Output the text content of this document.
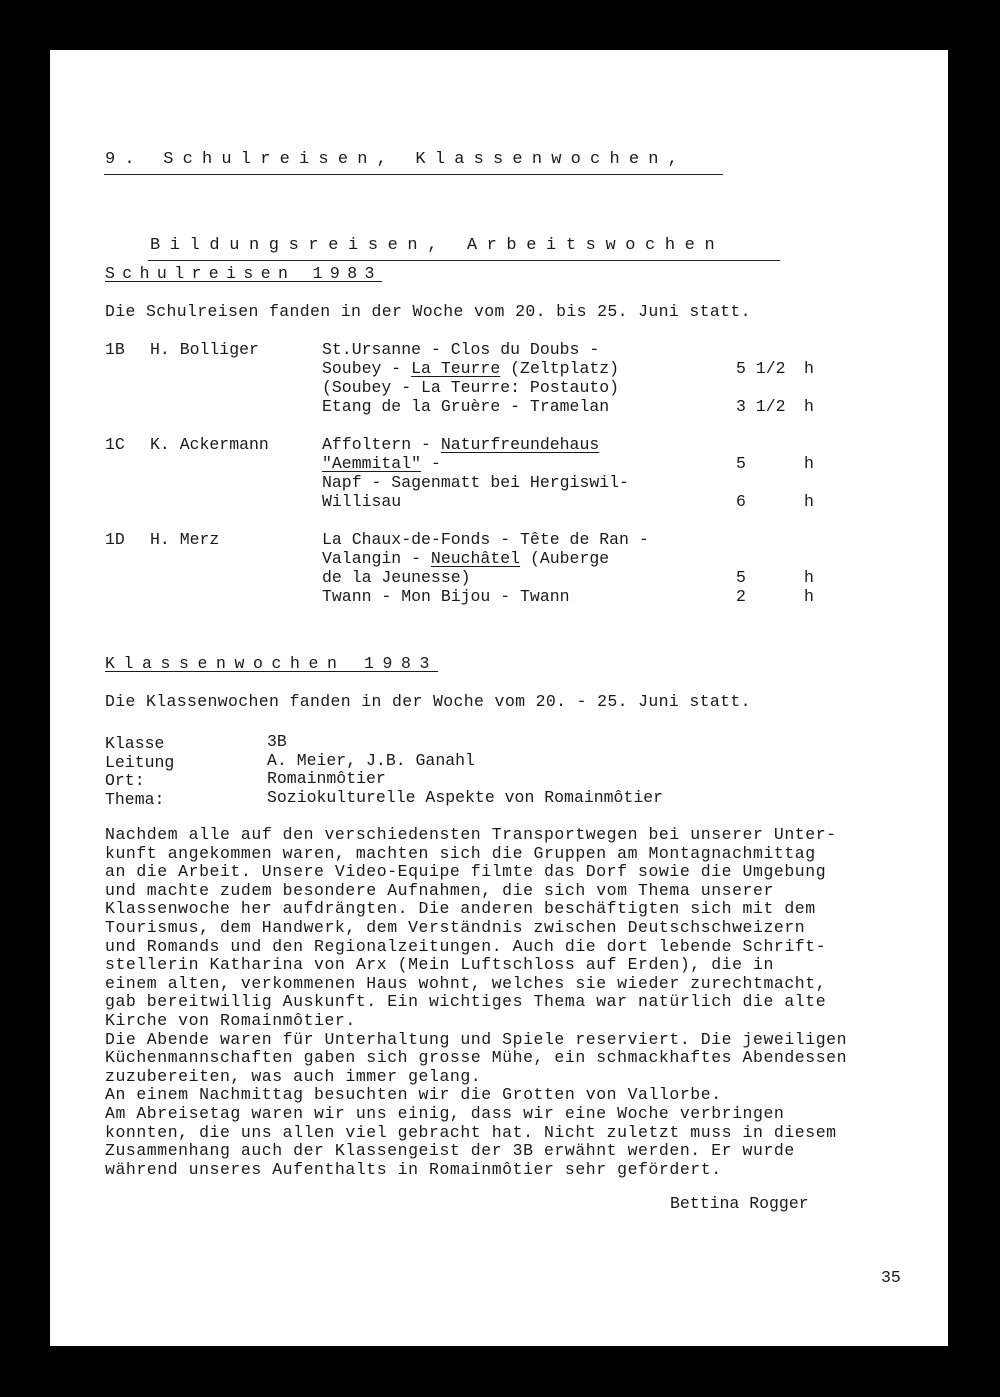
9. Schulreisen, Klassenwochen,
Bildungsreisen, Arbeitswochen
Schulreisen 1983
Die Schulreisen fanden in der Woche vom 20. bis 25. Juni statt.
1B H. Bolliger	St.Ursanne - Clos du Doubs -
Soubey - La Teurre (Zeltplatz)	5 1/2 h
(Soubey - La Teurre: Postauto)
Etang de la Gruère - Tramelan	3 1/2 h
1C K. Ackermann	Affoltern - Naturfreundehaus
"Aemmital" -	5	h
Napf - Sagenmatt bei Hergiswil-
Willisau	6	h
1D H. Merz	La Chaux-de-Fonds - Tête de Ran -
Valangin - Neuchâtel (Auberge
de la Jeunesse)	5	h
Twann - Mon Bijou - Twann	2	h
Klassenwochen 1983
Die Klassenwochen fanden in der Woche vom 20. - 25. Juni statt.
Klasse	3B
Leitung	A. Meier, J.B. Ganahl
Ort:	Romainmôtier
Thema:	Soziokulturelle Aspekte von Romainmôtier
Nachdem alle auf den verschiedensten Transportwegen bei unserer Unter-
kunft angekommen waren, machten sich die Gruppen am Montagnachmittag
an die Arbeit. Unsere Video-Equipe filmte das Dorf sowie die Umgebung
und machte zudem besondere Aufnahmen, die sich vom Thema unserer
Klassenwoche her aufdrängten. Die anderen beschäftigten sich mit dem
Tourismus, dem Handwerk, dem Verständnis zwischen Deutschschweizern
und Romands und den Regionalzeitungen. Auch die dort lebende Schrift-
stellerin Katharina von Arx (Mein Luftschloss auf Erden), die in
einem alten, verkommenen Haus wohnt, welches sie wieder zurechtmacht,
gab bereitwillig Auskunft. Ein wichtiges Thema war natürlich die alte
Kirche von Romainmôtier.
Die Abende waren für Unterhaltung und Spiele reserviert. Die jeweiligen
Küchenmannschaften gaben sich grosse Mühe, ein schmackhaftes Abendessen
zuzubereiten, was auch immer gelang.
An einem Nachmittag besuchten wir die Grotten von Vallorbe.
Am Abreisetag waren wir uns einig, dass wir eine Woche verbringen
konnten, die uns allen viel gebracht hat. Nicht zuletzt muss in diesem
Zusammenhang auch der Klassengeist der 3B erwähnt werden. Er wurde
während unseres Aufenthalts in Romainmôtier sehr gefördert.
Bettina Rogger
35
